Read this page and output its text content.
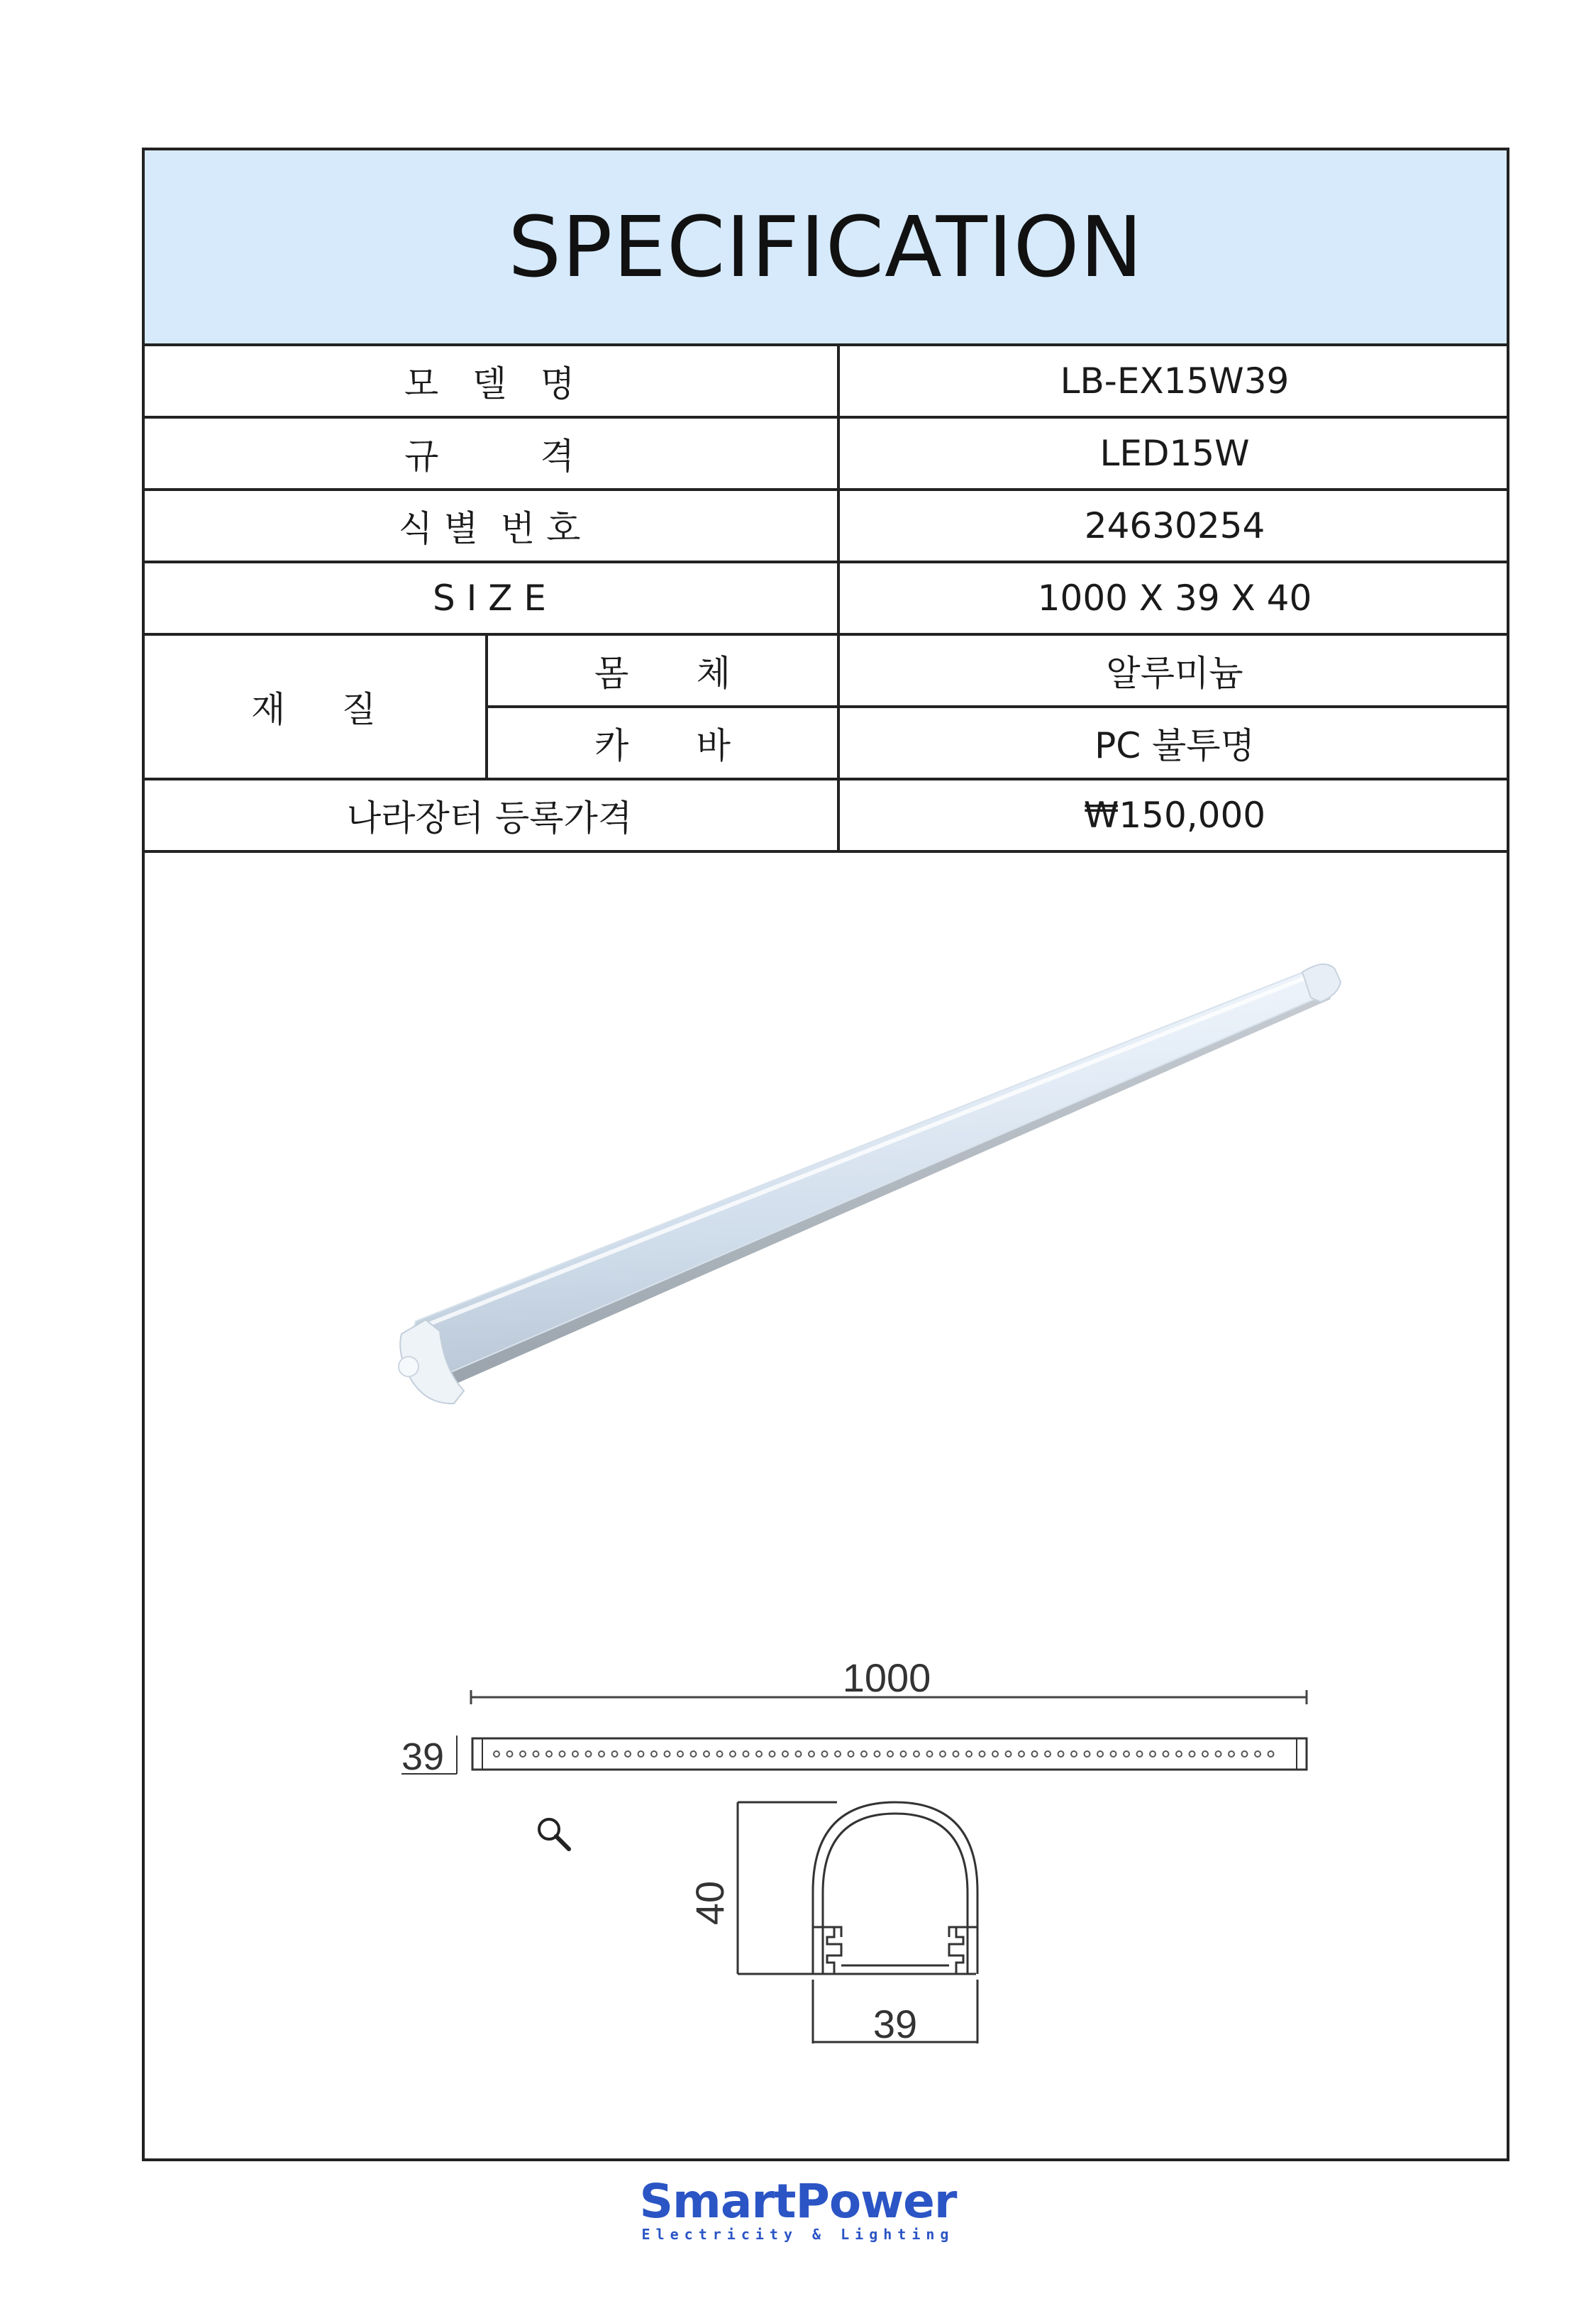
SPECIFICATION
모   델   명		LB-EX15W39
규         격		LED15W
식 별  번 호		24630254
S I Z E		1000 X 39 X 40
재     질	몸      체	알루미늄
	카      바	PC 불투명
나라장터 등록가격		₩150,000
1000
39
40
39
SmartPower
Electricity & Lighting
